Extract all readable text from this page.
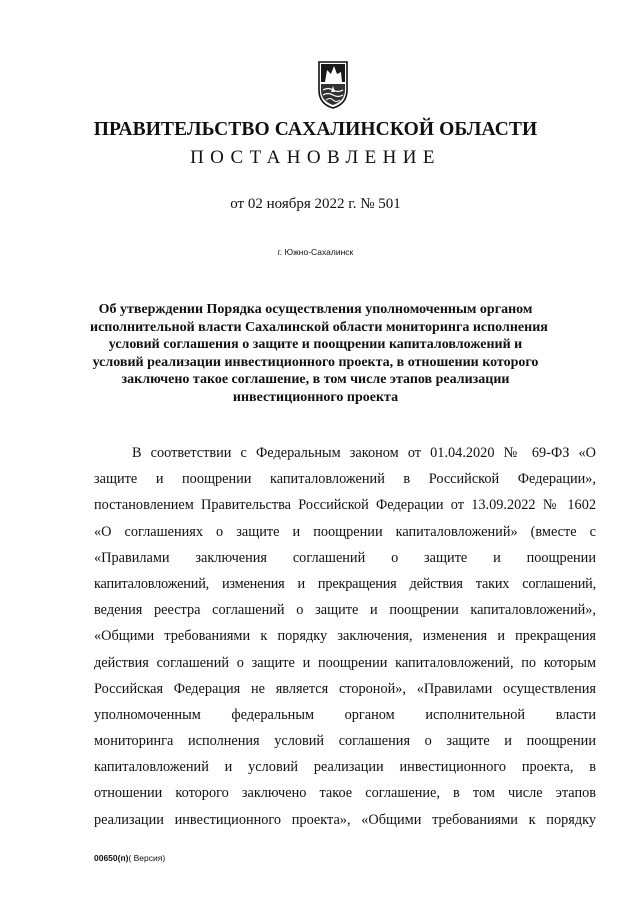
ПРАВИТЕЛЬСТВО САХАЛИНСКОЙ ОБЛАСТИ
ПОСТАНОВЛЕНИЕ
от 02 ноября 2022 г. № 501
г. Южно-Сахалинск
Об утверждении Порядка осуществления уполномоченным органом
исполнительной власти Сахалинской области мониторинга исполнения
условий соглашения о защите и поощрении капиталовложений и
условий реализации инвестиционного проекта, в отношении которого
заключено такое соглашение, в том числе этапов реализации
инвестиционного проекта
В соответствии с Федеральным законом от 01.04.2020 № 69-ФЗ «О
защите и поощрении капиталовложений в Российской Федерации»,
постановлением Правительства Российской Федерации от 13.09.2022 № 1602
«О соглашениях о защите и поощрении капиталовложений» (вместе с
«Правилами заключения соглашений о защите и поощрении
капиталовложений, изменения и прекращения действия таких соглашений,
ведения реестра соглашений о защите и поощрении капиталовложений»,
«Общими требованиями к порядку заключения, изменения и прекращения
действия соглашений о защите и поощрении капиталовложений, по которым
Российская Федерация не является стороной», «Правилами осуществления
уполномоченным федеральным органом исполнительной власти
мониторинга исполнения условий соглашения о защите и поощрении
капиталовложений и условий реализации инвестиционного проекта, в
отношении которого заключено такое соглашение, в том числе этапов
реализации инвестиционного проекта», «Общими требованиями к порядку
00650(п)( Версия)
